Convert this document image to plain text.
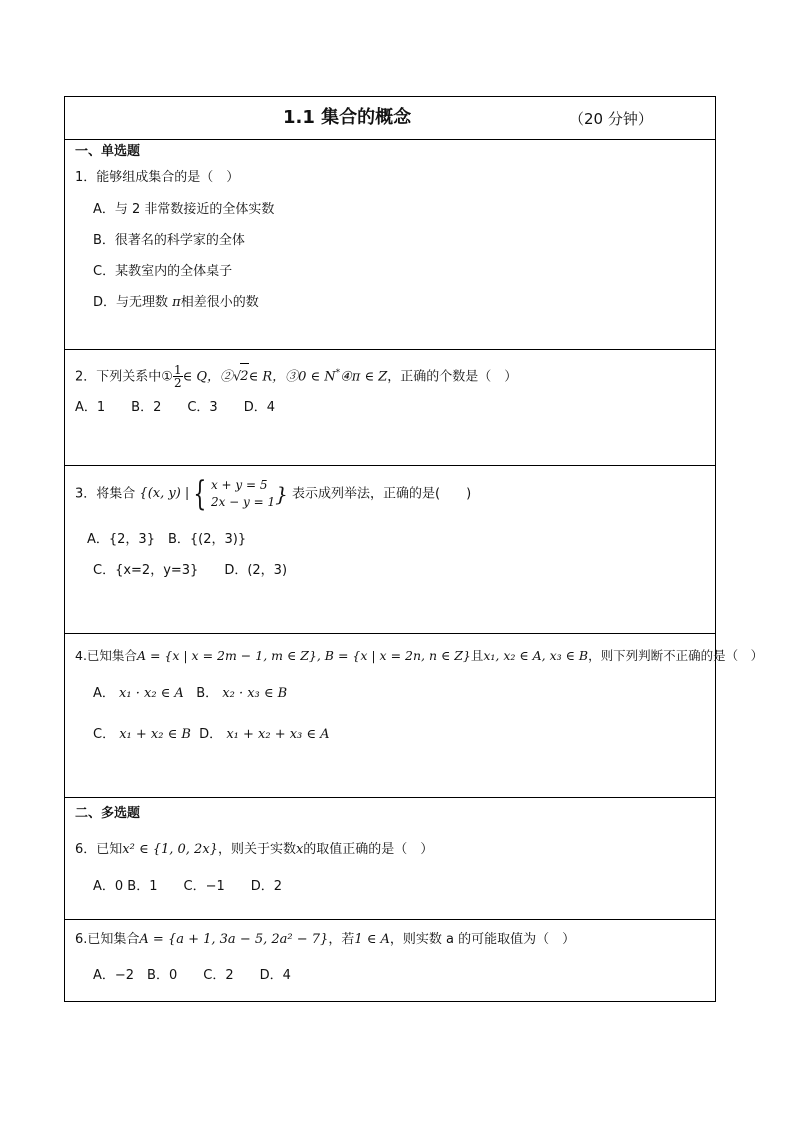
1.1 集合的概念	（20 分钟）
一、单选题
1．能够组成集合的是（　）
A．与 2 非常数接近的全体实数
B．很著名的科学家的全体
C．某教室内的全体桌子
D．与无理数 π相差很小的数
2．下列关系中① $\frac{1}{2}$ ∈ Q，②√2∈ R，③0 ∈ N*④π ∈ Z，正确的个数是（　）
A．1　　B．2　　C．3　　D．4
3．将集合 {(x, y) | { x + y = 5
2x − y = 1 } 表示成列举法，正确的是(　　)
A．{2，3}　B．{(2，3)}
C．{x=2，y=3}　　D．(2，3)
4.已知集合A = {x | x = 2m − 1, m ∈ Z}, B = {x | x = 2n, n ∈ Z}且x₁, x₂ ∈ A, x₃ ∈ B，则下列判断不正确的是（　）
A． x₁ · x₂ ∈ A B． x₂ · x₃ ∈ B
C． x₁ + x₂ ∈ B D． x₁ + x₂ + x₃ ∈ A
二、多选题
6．已知x² ∈ {1, 0, 2x}，则关于实数x的取值正确的是（　）
A．0 B．1　　C．−1　　D．2
6.已知集合A = {a + 1, 3a − 5, 2a² − 7}，若1 ∈ A，则实数 a 的可能取值为（　）
A．−2　B．0　　C．2　　D．4
